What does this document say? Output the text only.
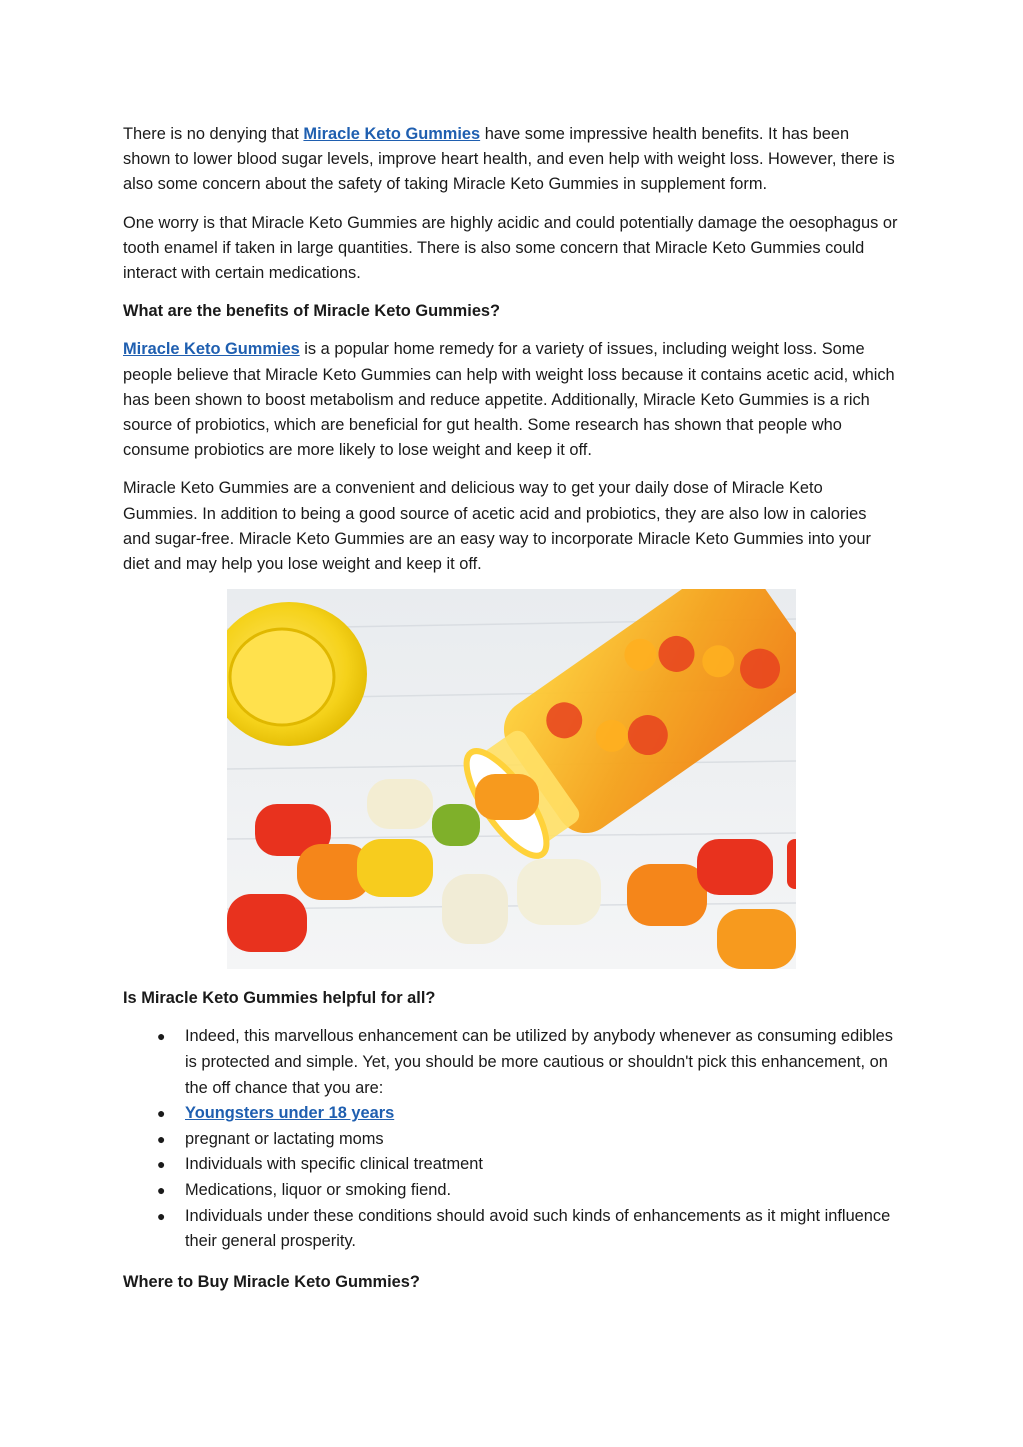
There is no denying that Miracle Keto Gummies have some impressive health benefits. It has been shown to lower blood sugar levels, improve heart health, and even help with weight loss. However, there is also some concern about the safety of taking Miracle Keto Gummies in supplement form.

One worry is that Miracle Keto Gummies are highly acidic and could potentially damage the oesophagus or tooth enamel if taken in large quantities. There is also some concern that Miracle Keto Gummies could interact with certain medications.

What are the benefits of Miracle Keto Gummies?

Miracle Keto Gummies is a popular home remedy for a variety of issues, including weight loss. Some people believe that Miracle Keto Gummies can help with weight loss because it contains acetic acid, which has been shown to boost metabolism and reduce appetite. Additionally, Miracle Keto Gummies is a rich source of probiotics, which are beneficial for gut health. Some research has shown that people who consume probiotics are more likely to lose weight and keep it off.

Miracle Keto Gummies are a convenient and delicious way to get your daily dose of Miracle Keto Gummies. In addition to being a good source of acetic acid and probiotics, they are also low in calories and sugar-free. Miracle Keto Gummies are an easy way to incorporate Miracle Keto Gummies into your diet and may help you lose weight and keep it off.

Is Miracle Keto Gummies helpful for all?

● Indeed, this marvellous enhancement can be utilized by anybody whenever as consuming edibles is protected and simple. Yet, you should be more cautious or shouldn't pick this enhancement, on the off chance that you are:
● Youngsters under 18 years
● pregnant or lactating moms
● Individuals with specific clinical treatment
● Medications, liquor or smoking fiend.
● Individuals under these conditions should avoid such kinds of enhancements as it might influence their general prosperity.

Where to Buy Miracle Keto Gummies?
